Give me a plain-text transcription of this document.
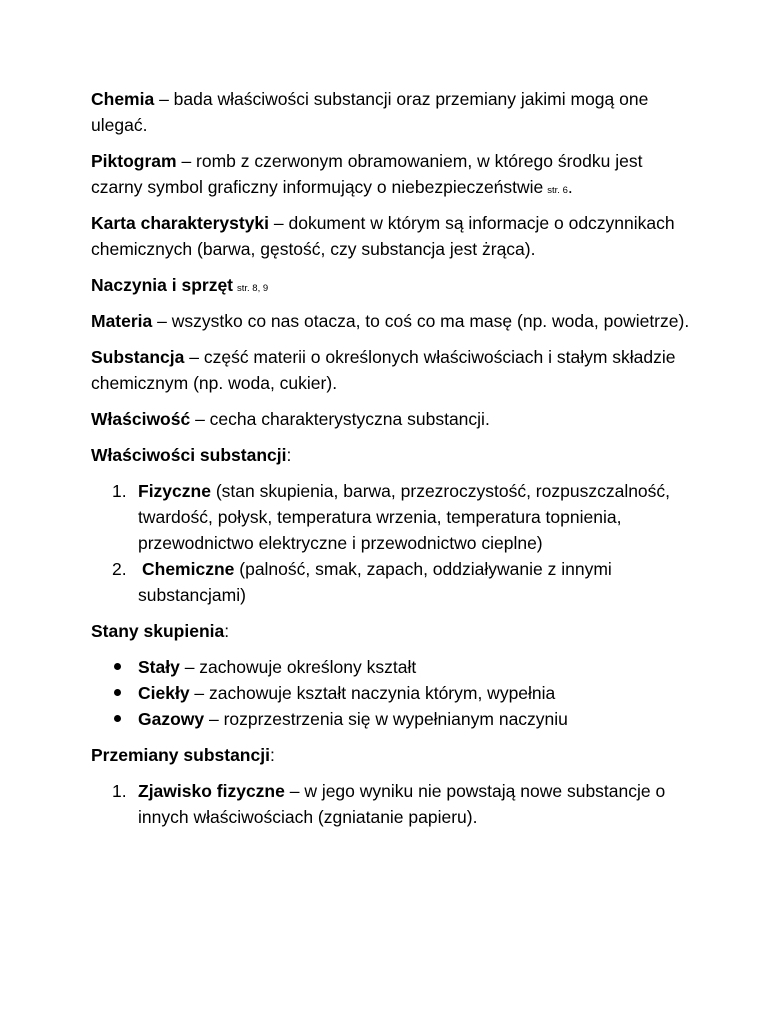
Chemia – bada właściwości substancji oraz przemiany jakimi mogą one ulegać.

Piktogram – romb z czerwonym obramowaniem, w którego środku jest czarny symbol graficzny informujący o niebezpieczeństwie str. 6.

Karta charakterystyki – dokument w którym są informacje o odczynnikach chemicznych (barwa, gęstość, czy substancja jest żrąca).

Naczynia i sprzęt str. 8, 9

Materia – wszystko co nas otacza, to coś co ma masę (np. woda, powietrze).

Substancja – część materii o określonych właściwościach i stałym składzie chemicznym (np. woda, cukier).

Właściwość – cecha charakterystyczna substancji.

Właściwości substancji:

1. Fizyczne (stan skupienia, barwa, przezroczystość, rozpuszczalność, twardość, połysk, temperatura wrzenia, temperatura topnienia, przewodnictwo elektryczne i przewodnictwo cieplne)
2. Chemiczne (palność, smak, zapach, oddziaływanie z innymi substancjami)

Stany skupienia:

Stały – zachowuje określony kształt
Ciekły – zachowuje kształt naczynia którym, wypełnia
Gazowy – rozprzestrzenia się w wypełnianym naczyniu

Przemiany substancji:

1. Zjawisko fizyczne – w jego wyniku nie powstają nowe substancje o innych właściwościach (zgniatanie papieru).
